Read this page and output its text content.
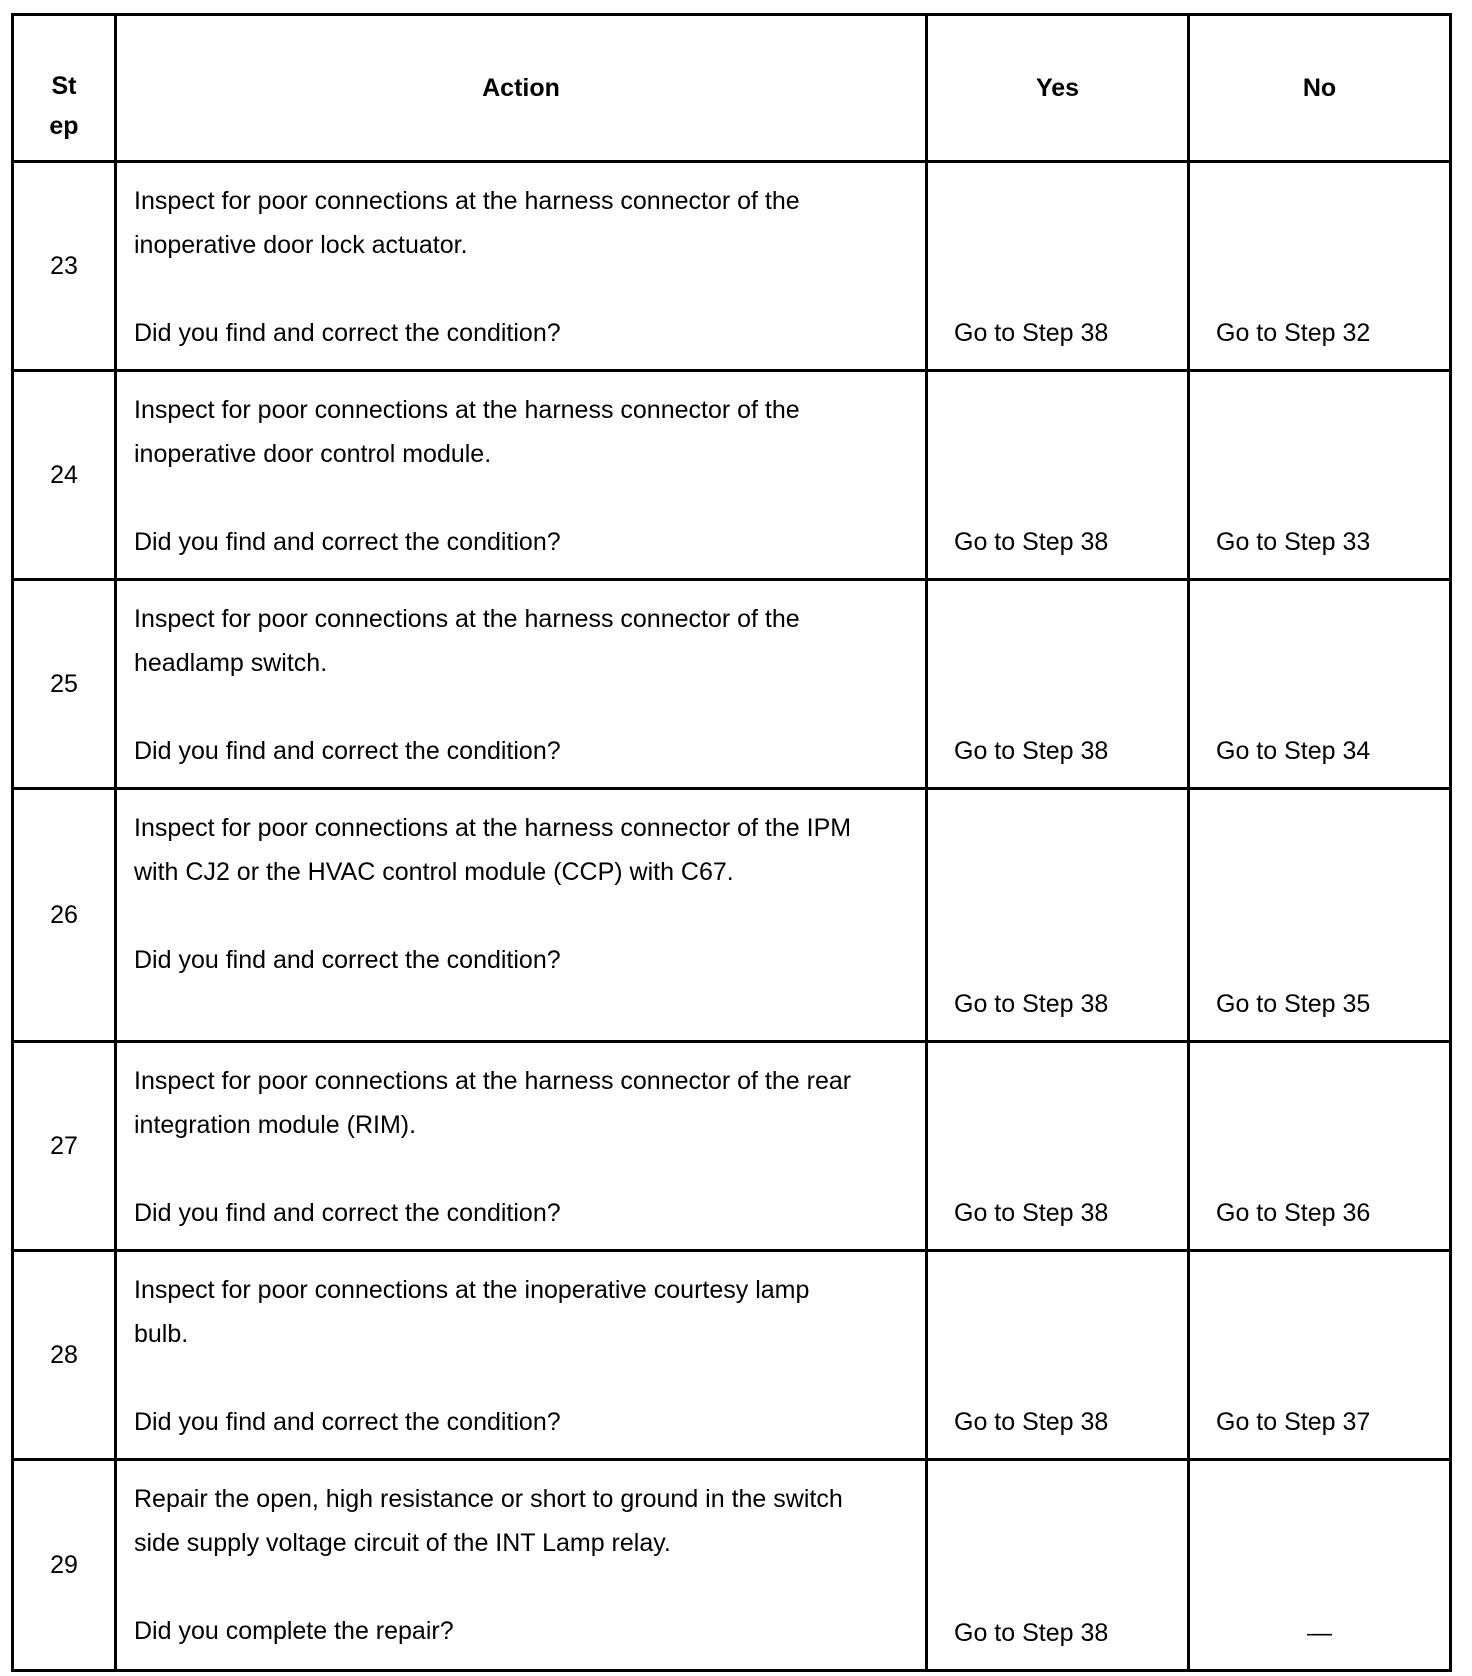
St
ep	Action	Yes	No

23	Inspect for poor connections at the harness connector of the inoperative door lock actuator.
Did you find and correct the condition?	Go to Step 38	Go to Step 32
24	Inspect for poor connections at the harness connector of the inoperative door control module.
Did you find and correct the condition?	Go to Step 38	Go to Step 33
25	Inspect for poor connections at the harness connector of the headlamp switch.
Did you find and correct the condition?	Go to Step 38	Go to Step 34
26	Inspect for poor connections at the harness connector of the IPM with CJ2 or the HVAC control module (CCP) with C67.
Did you find and correct the condition?	Go to Step 38	Go to Step 35
27	Inspect for poor connections at the harness connector of the rear integration module (RIM).
Did you find and correct the condition?	Go to Step 38	Go to Step 36
28	Inspect for poor connections at the inoperative courtesy lamp bulb.
Did you find and correct the condition?	Go to Step 38	Go to Step 37
29	Repair the open, high resistance or short to ground in the switch side supply voltage circuit of the INT Lamp relay.
Did you complete the repair?	Go to Step 38	—
